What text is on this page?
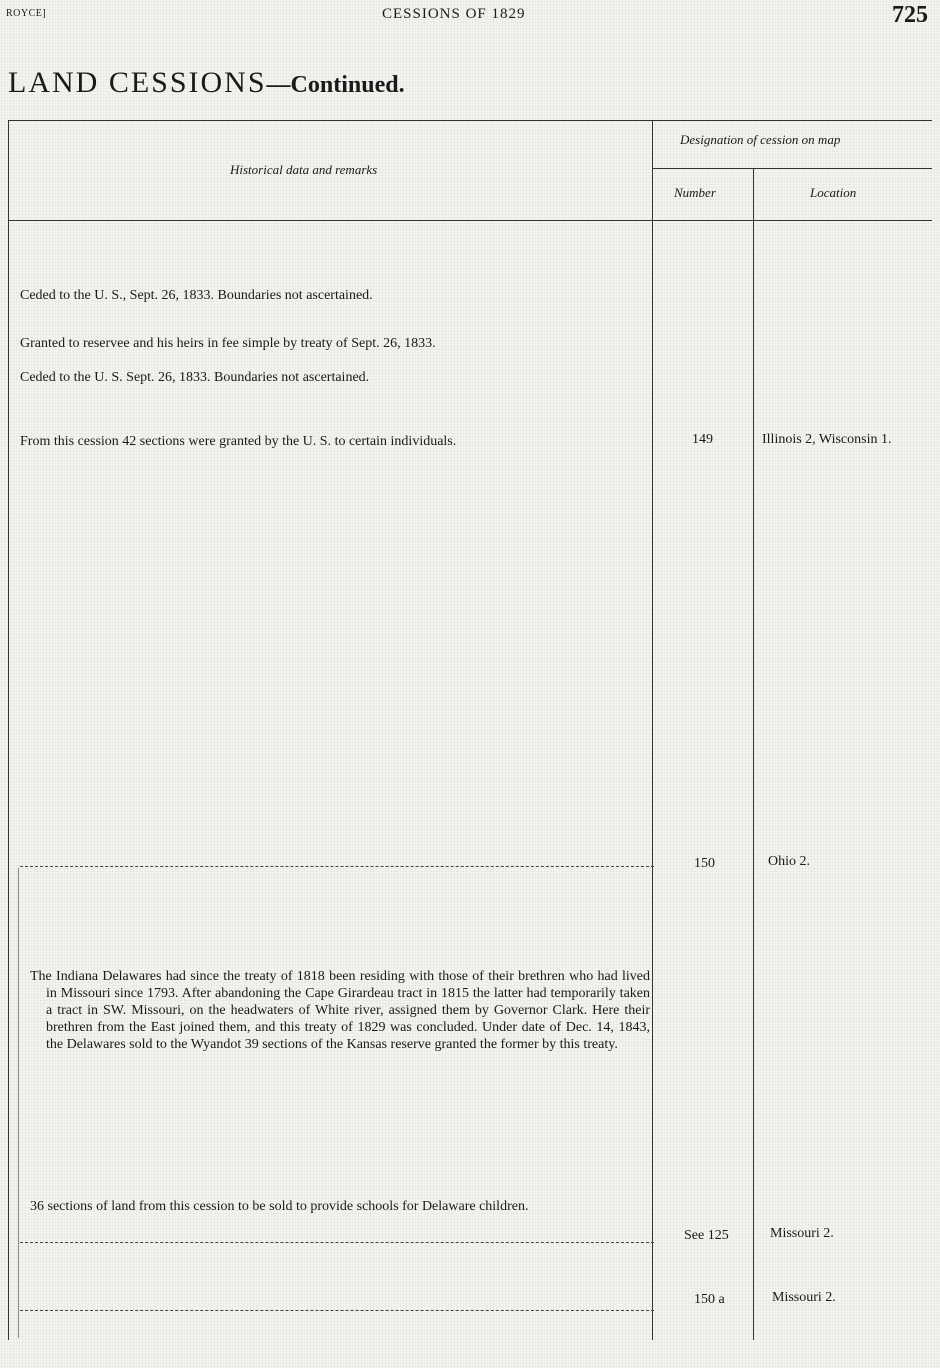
ROYCE]	CESSIONS OF 1829	725
LAND CESSIONS—Continued.
Historical data and remarks
Designation of cession on map
Number	Location
Ceded to the U. S., Sept. 26, 1833. Boundaries not ascertained.
Granted to reservee and his heirs in fee simple by treaty of Sept. 26, 1833.
Ceded to the U. S. Sept. 26, 1833. Boundaries not ascertained.
From this cession 42 sections were granted by the U. S. to certain individuals.	149	Illinois 2, Wisconsin 1.
150	Ohio 2.

The Indiana Delawares had since the treaty of 1818 been residing with those of their brethren who had lived in Missouri since 1793. After abandoning the Cape Girardeau tract in 1815 the latter had temporarily taken a tract in SW. Missouri, on the headwaters of White river, assigned them by Governor Clark. Here their brethren from the East joined them, and this treaty of 1829 was concluded. Under date of Dec. 14, 1843, the Delawares sold to the Wyandot 39 sections of the Kansas reserve granted the former by this treaty.

36 sections of land from this cession to be sold to provide schools for Delaware children.

See 125	Missouri 2.
150 a	Missouri 2.
